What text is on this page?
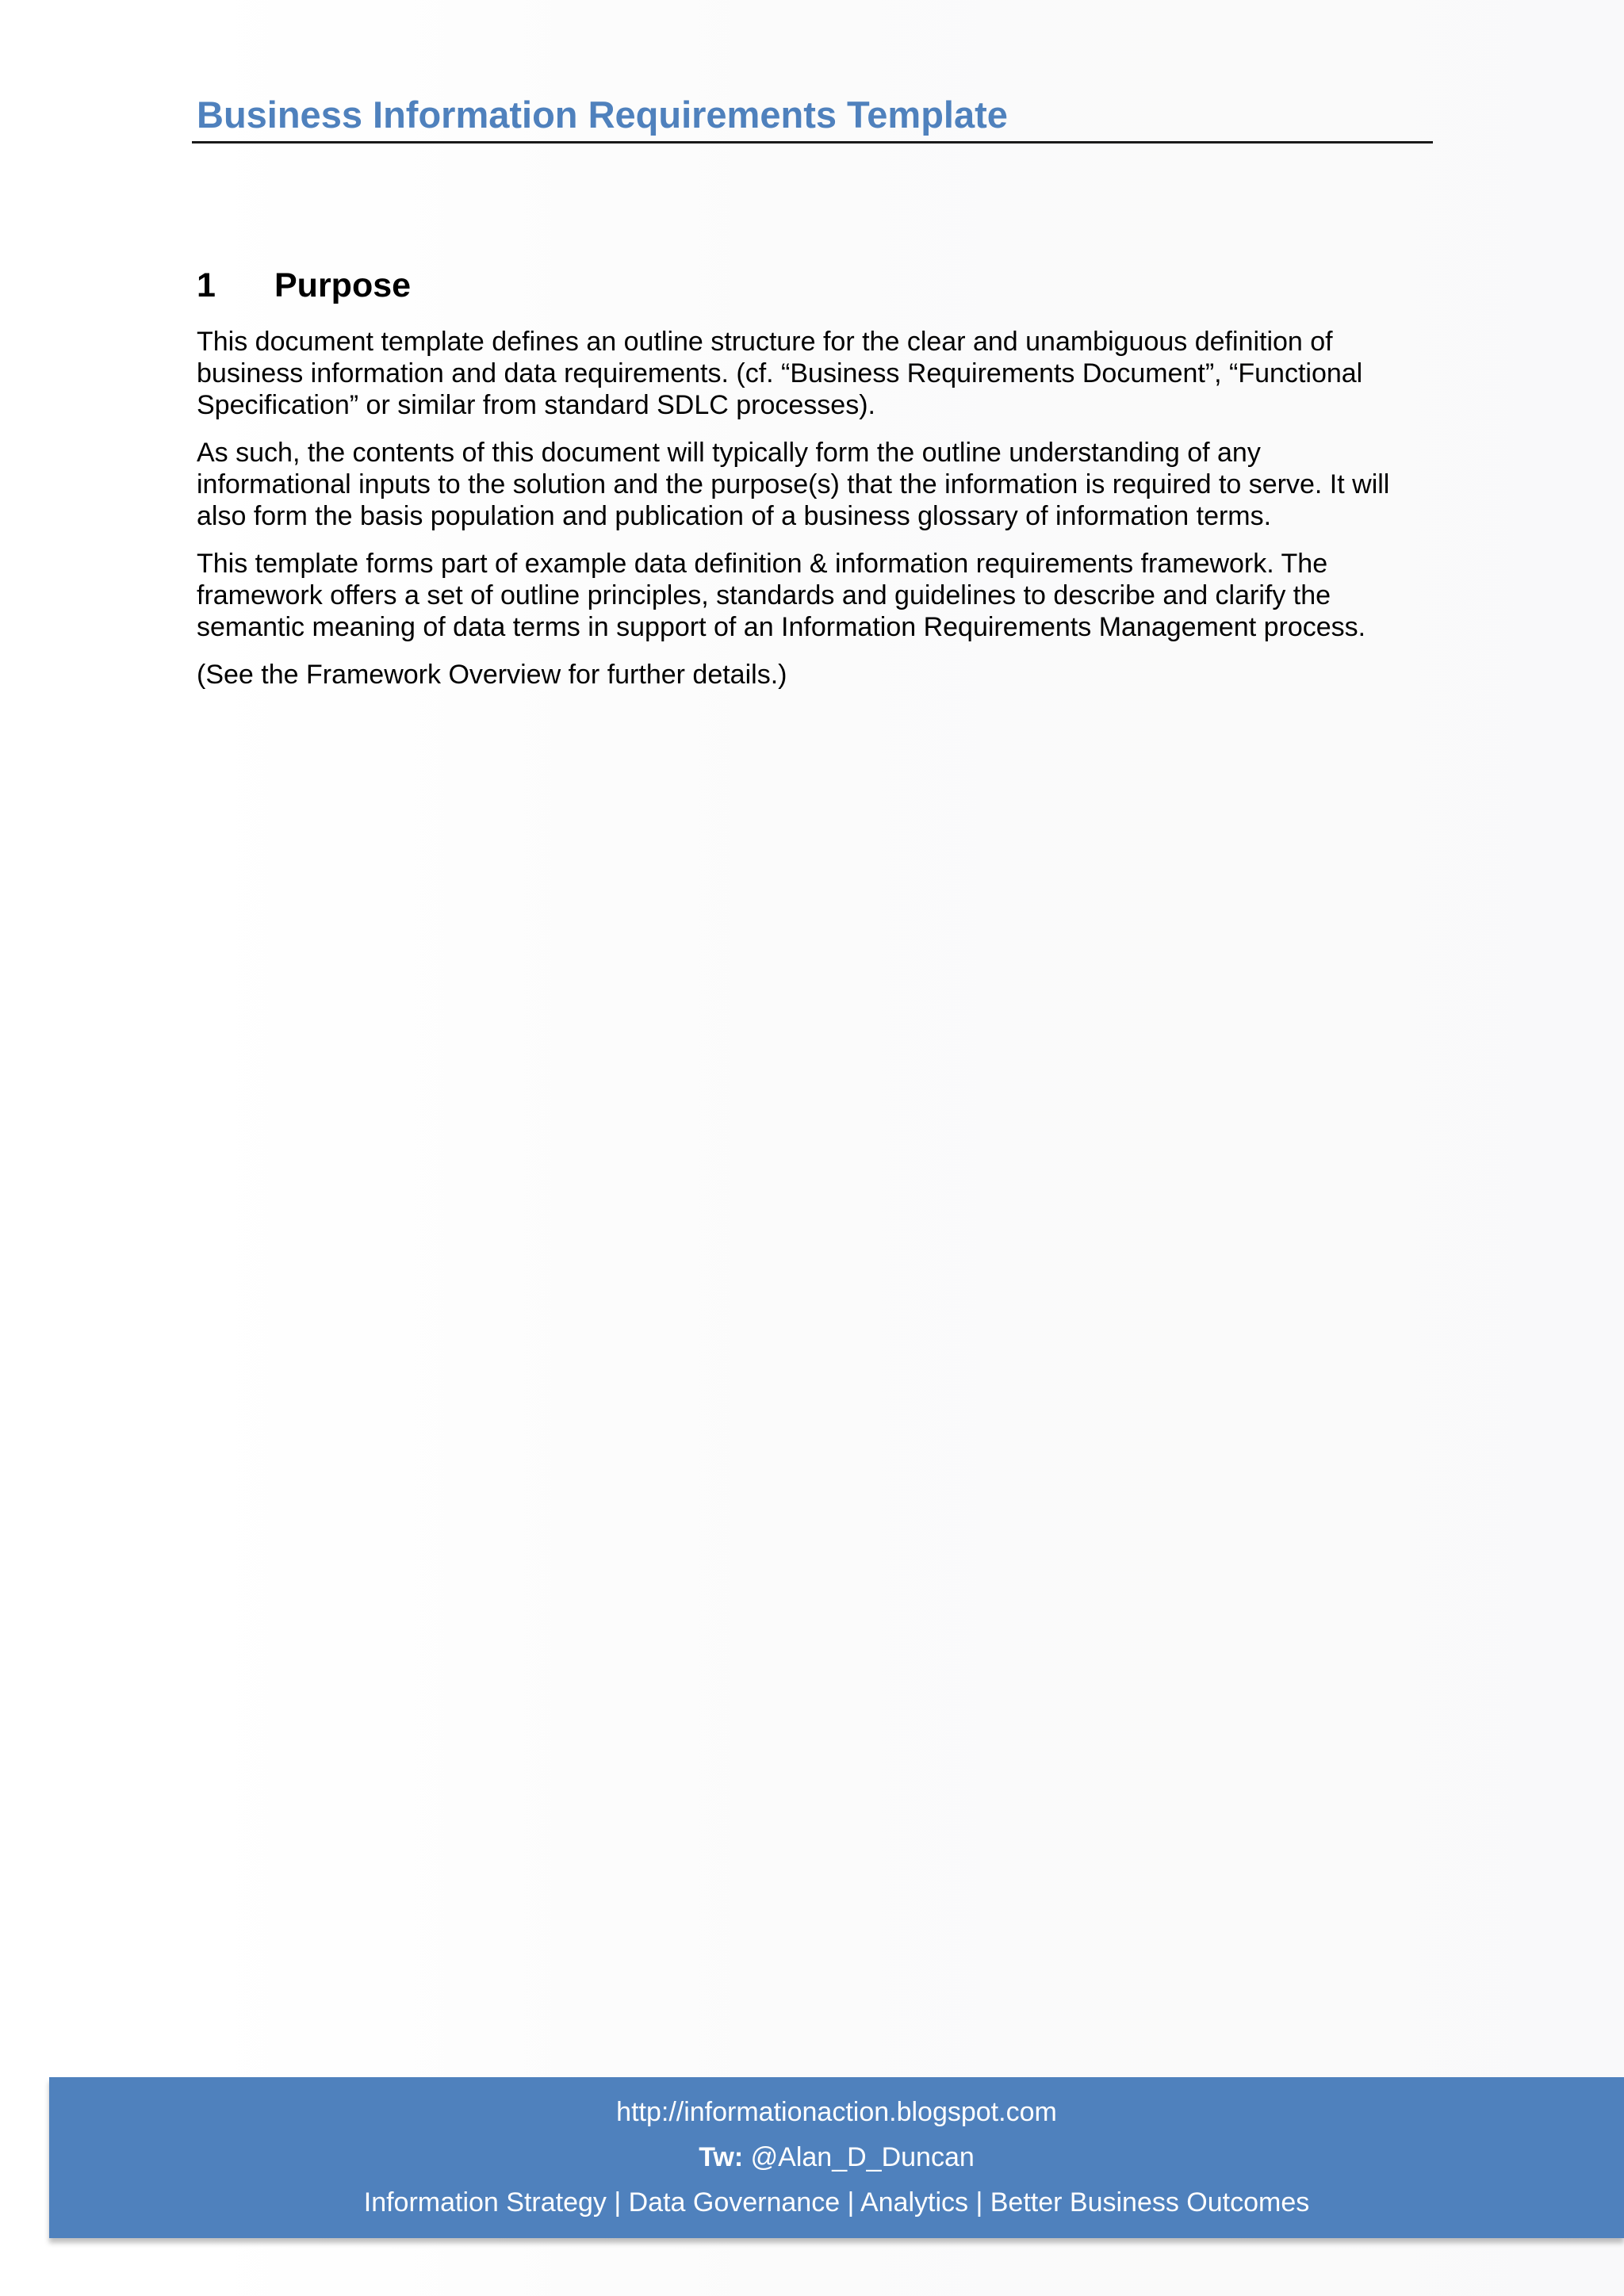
Business Information Requirements Template
1	Purpose

This document template defines an outline structure for the clear and unambiguous definition of business information and data requirements. (cf. “Business Requirements Document”, “Functional Specification” or similar from standard SDLC processes).

As such, the contents of this document will typically form the outline understanding of any informational inputs to the solution and the purpose(s) that the information is required to serve. It will also form the basis population and publication of a business glossary of information terms.

This template forms part of example data definition & information requirements framework. The framework offers a set of outline principles, standards and guidelines to describe and clarify the semantic meaning of data terms in support of an Information Requirements Management process.

(See the Framework Overview for further details.)

http://informationaction.blogspot.com
Tw: @Alan_D_Duncan
Information Strategy | Data Governance | Analytics | Better Business Outcomes
